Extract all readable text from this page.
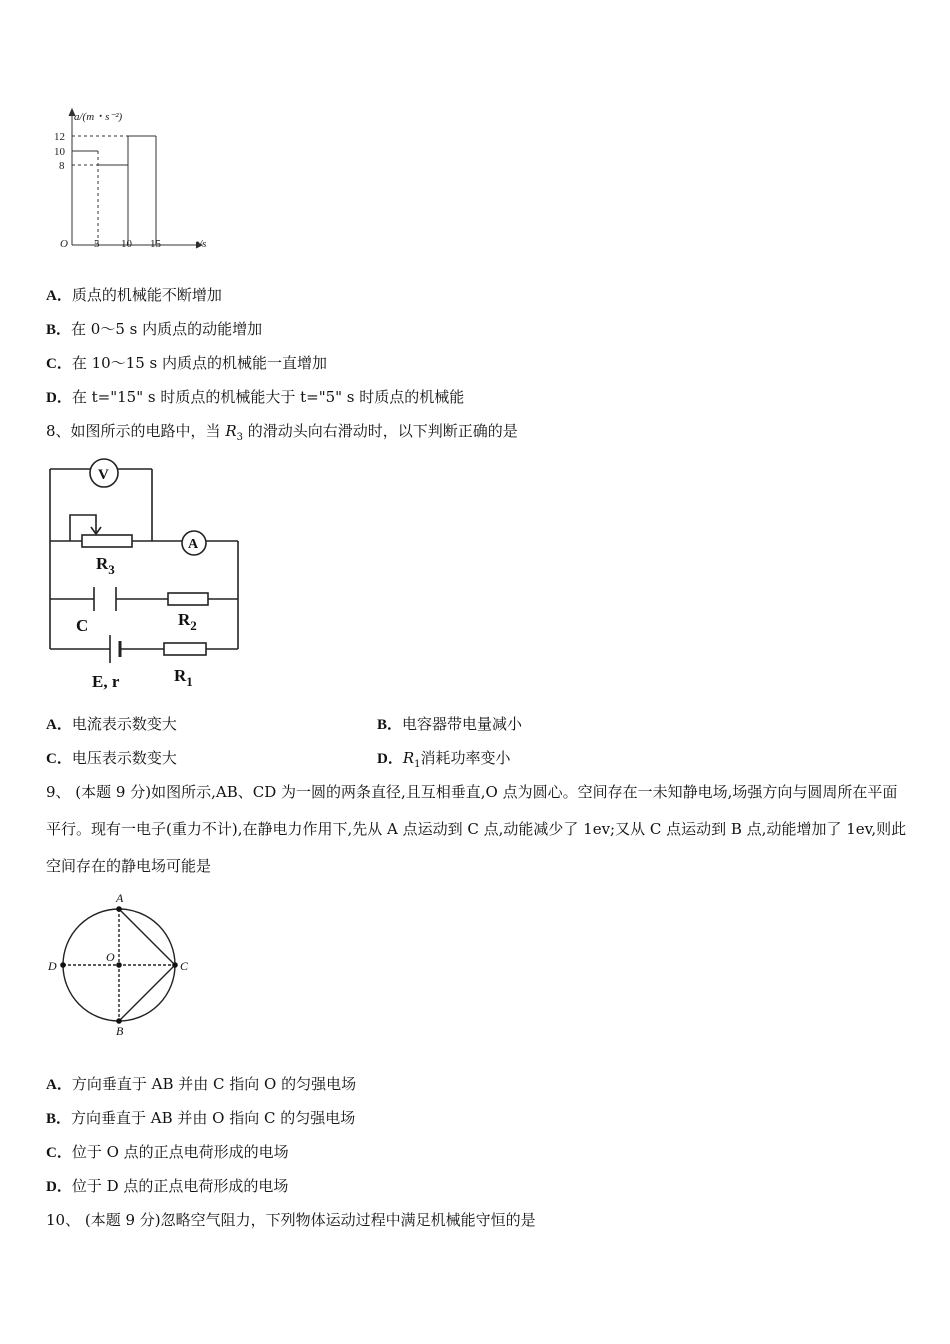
a/(m・s⁻²)
12
10
8
O 5 10 15	t/s
A．质点的机械能不断增加
B．在 0～5 s 内质点的动能增加
C．在 10～15 s 内质点的机械能一直增加
D．在 t="15" s 时质点的机械能大于 t="5" s 时质点的机械能
8、如图所示的电路中，当 $R_3$ 的滑动头向右滑动时，以下判断正确的是
V
A
$R_3$
C	$R_2$
E, r	$R_1$
A．电流表示数变大	B．电容器带电量减小
C．电压表示数变大	D．$R_1$消耗功率变小
9、 (本题 9 分)如图所示,AB、CD 为一圆的两条直径,且互相垂直,O 点为圆心。空间存在一未知静电场,场强方向与圆周所在平面平行。现有一电子(重力不计),在静电力作用下,先从 A 点运动到 C 点,动能减少了 1ev;又从 C 点运动到 B 点,动能增加了 1ev,则此空间存在的静电场可能是
A
B
C
D
O
A．方向垂直于 AB 并由 C 指向 O 的匀强电场
B．方向垂直于 AB 并由 O 指向 C 的匀强电场
C．位于 O 点的正点电荷形成的电场
D．位于 D 点的正点电荷形成的电场
10、 (本题 9 分)忽略空气阻力，下列物体运动过程中满足机械能守恒的是
